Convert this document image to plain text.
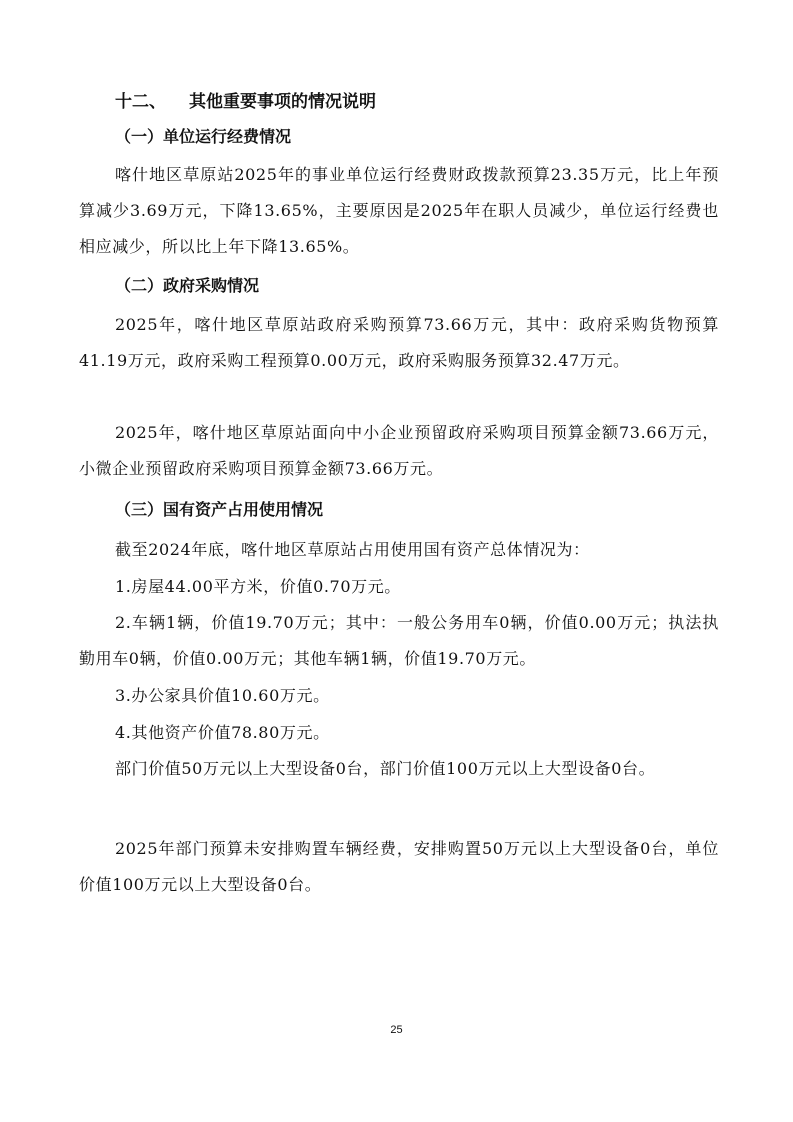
十二、 其他重要事项的情况说明
（一）单位运行经费情况

喀什地区草原站2025年的事业单位运行经费财政拨款预算23.35万元，比上年预算减少3.69万元，下降13.65%，主要原因是2025年在职人员减少，单位运行经费也相应减少，所以比上年下降13.65%。

（二）政府采购情况

2025年，喀什地区草原站政府采购预算73.66万元，其中：政府采购货物预算41.19万元，政府采购工程预算0.00万元，政府采购服务预算32.47万元。

2025年，喀什地区草原站面向中小企业预留政府采购项目预算金额73.66万元，小微企业预留政府采购项目预算金额73.66万元。

（三）国有资产占用使用情况

截至2024年底，喀什地区草原站占用使用国有资产总体情况为：

1.房屋44.00平方米，价值0.70万元。

2.车辆1辆，价值19.70万元；其中：一般公务用车0辆，价值0.00万元；执法执勤用车0辆，价值0.00万元；其他车辆1辆，价值19.70万元。

3.办公家具价值10.60万元。

4.其他资产价值78.80万元。

部门价值50万元以上大型设备0台，部门价值100万元以上大型设备0台。

2025年部门预算未安排购置车辆经费，安排购置50万元以上大型设备0台，单位价值100万元以上大型设备0台。

25
